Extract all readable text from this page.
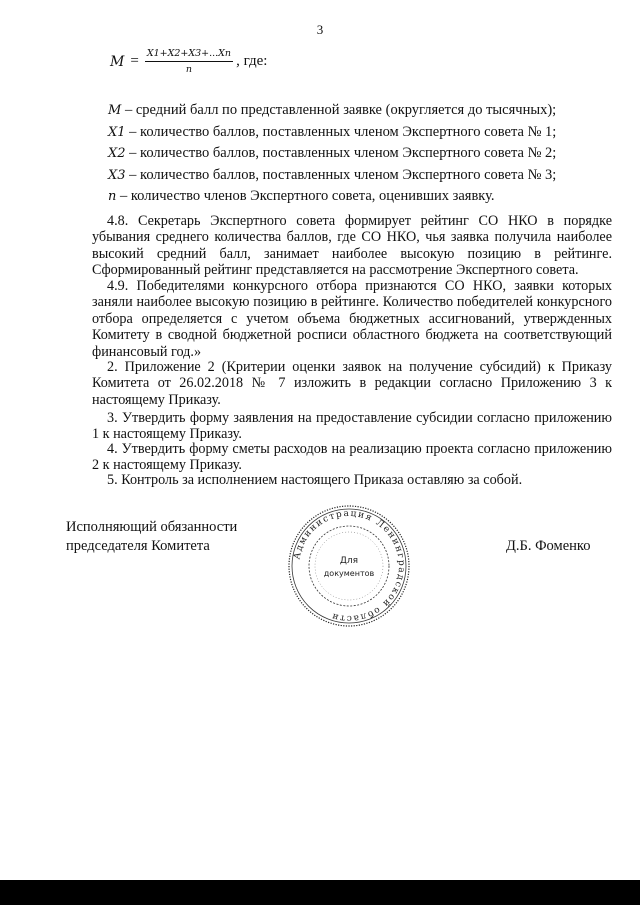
3
$M = \frac{X1+X2+X3+...Xn}{n}$ , где:
M – средний балл по представленной заявке (округляется до тысячных);
X1 – количество баллов, поставленных членом Экспертного совета № 1;
X2 – количество баллов, поставленных членом Экспертного совета № 2;
X3 – количество баллов, поставленных членом Экспертного совета № 3;
n – количество членов Экспертного совета, оценивших заявку.
4.8. Секретарь Экспертного совета формирует рейтинг СО НКО в порядке убывания среднего количества баллов, где СО НКО, чья заявка получила наиболее высокий средний балл, занимает наиболее высокую позицию в рейтинге. Сформированный рейтинг представляется на рассмотрение Экспертного совета.
4.9. Победителями конкурсного отбора признаются СО НКО, заявки которых заняли наиболее высокую позицию в рейтинге. Количество победителей конкурсного отбора определяется с учетом объема бюджетных ассигнований, утвержденных Комитету в сводной бюджетной росписи областного бюджета на соответствующий финансовый год.»
2. Приложение 2 (Критерии оценки заявок на получение субсидий) к Приказу Комитета от 26.02.2018 № 7 изложить в редакции согласно Приложению 3 к настоящему Приказу.
3. Утвердить форму заявления на предоставление субсидии согласно приложению 1 к настоящему Приказу.
4. Утвердить форму сметы расходов на реализацию проекта согласно приложению 2 к настоящему Приказу.
5. Контроль за исполнением настоящего Приказа оставляю за собой.
Исполняющий обязанности
председателя Комитета
Администрация Ленинградской области
Для
документов
Д.Б. Фоменко
